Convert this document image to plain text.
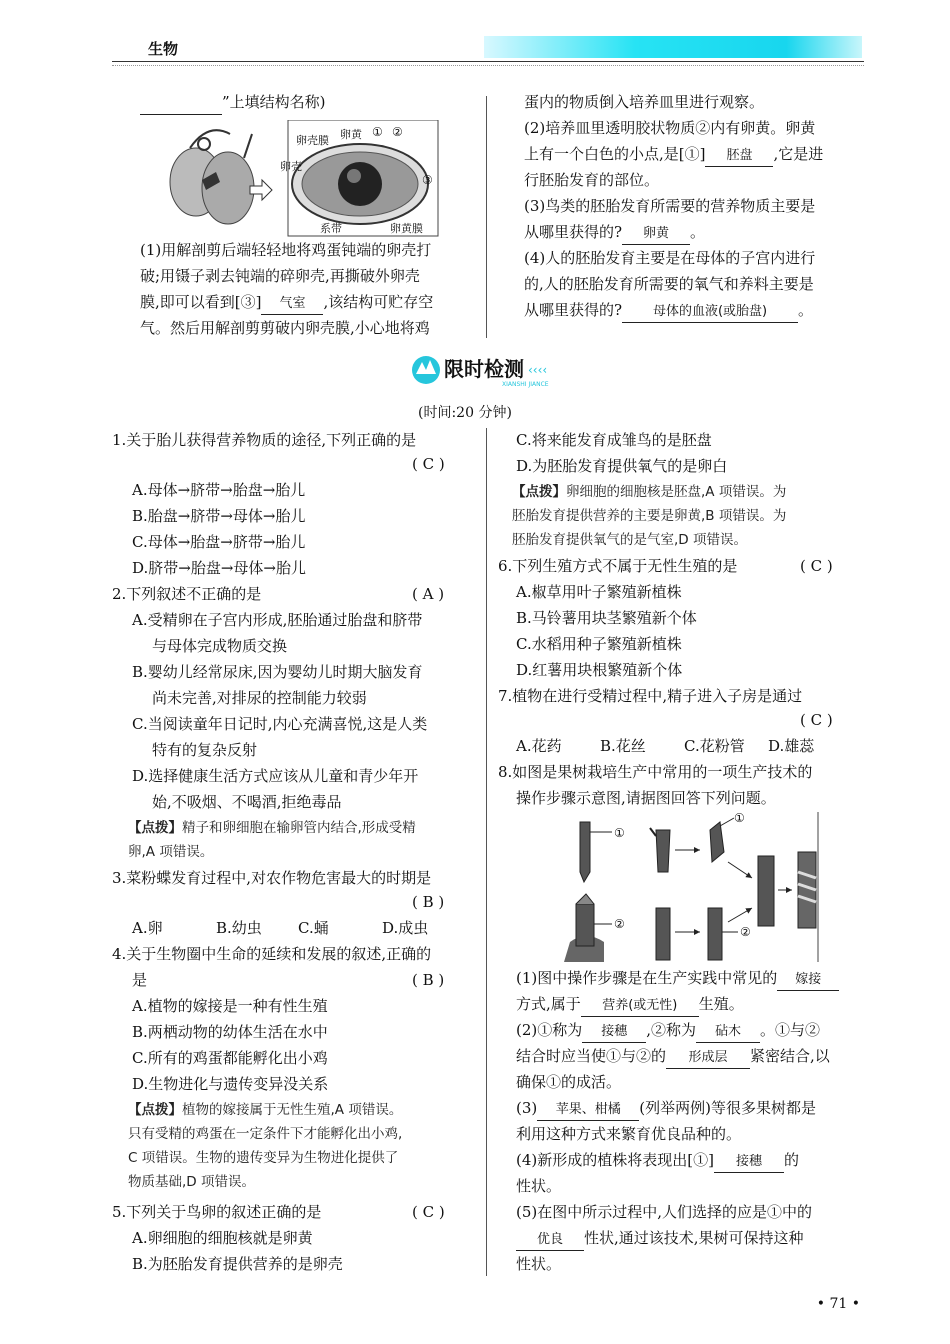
生物
”上填结构名称)
卵壳膜 卵黄 ① ②
卵壳
③
系带	卵黄膜
(1)用解剖剪后端轻轻地将鸡蛋钝端的卵壳打
破;用镊子剥去钝端的碎卵壳,再撕破外卵壳
膜,即可以看到[③] 气室 ,该结构可贮存空
气。然后用解剖剪剪破内卵壳膜,小心地将鸡
蛋内的物质倒入培养皿里进行观察。
(2)培养皿里透明胶状物质②内有卵黄。卵黄
上有一个白色的小点,是[①] 胚盘 ,它是进
行胚胎发育的部位。
(3)鸟类的胚胎发育所需要的营养物质主要是
从哪里获得的? 卵黄 。
(4)人的胚胎发育主要是在母体的子宫内进行
的,人的胚胎发育所需要的氧气和养料主要是
从哪里获得的? 母体的血液(或胎盘) 。
限时检测 ‹‹‹‹
XIANSHI JIANCE
(时间:20 分钟)
1.关于胎儿获得营养物质的途径,下列正确的是
( C )
A.母体→脐带→胎盘→胎儿
B.胎盘→脐带→母体→胎儿
C.母体→胎盘→脐带→胎儿
D.脐带→胎盘→母体→胎儿
2.下列叙述不正确的是	( A )
A.受精卵在子宫内形成,胚胎通过胎盘和脐带
与母体完成物质交换
B.婴幼儿经常尿床,因为婴幼儿时期大脑发育
尚未完善,对排尿的控制能力较弱
C.当阅读童年日记时,内心充满喜悦,这是人类
特有的复杂反射
D.选择健康生活方式应该从儿童和青少年开
始,不吸烟、不喝酒,拒绝毒品
【点拨】精子和卵细胞在输卵管内结合,形成受精
卵,A 项错误。
3.菜粉蝶发育过程中,对农作物危害最大的时期是
( B )
A.卵	B.幼虫 C.蛹	D.成虫
4.关于生物圈中生命的延续和发展的叙述,正确的
是	( B )
A.植物的嫁接是一种有性生殖
B.两栖动物的幼体生活在水中
C.所有的鸡蛋都能孵化出小鸡
D.生物进化与遗传变异没关系
【点拨】植物的嫁接属于无性生殖,A 项错误。
只有受精的鸡蛋在一定条件下才能孵化出小鸡,
C 项错误。生物的遗传变异为生物进化提供了
物质基础,D 项错误。
5.下列关于鸟卵的叙述正确的是	( C )
A.卵细胞的细胞核就是卵黄
B.为胚胎发育提供营养的是卵壳
C.将来能发育成雏鸟的是胚盘
D.为胚胎发育提供氧气的是卵白
【点拨】卵细胞的细胞核是胚盘,A 项错误。为
胚胎发育提供营养的主要是卵黄,B 项错误。为
胚胎发育提供氧气的是气室,D 项错误。
6.下列生殖方式不属于无性生殖的是	( C )
A.椒草用叶子繁殖新植株
B.马铃薯用块茎繁殖新个体
C.水稻用种子繁殖新植株
D.红薯用块根繁殖新个体
7.植物在进行受精过程中,精子进入子房是通过
( C )
A.花药	B.花丝	C.花粉管 D.雄蕊
8.如图是果树栽培生产中常用的一项生产技术的
操作步骤示意图,请据图回答下列问题。
①
②
①
②
(1)图中操作步骤是在生产实践中常见的 嫁接
方式,属于 营养(或无性) 生殖。
(2)①称为 接穗 ,②称为 砧木 。①与②
结合时应当使①与②的 形成层 紧密结合,以
确保①的成活。
(3) 苹果、柑橘 (列举两例)等很多果树都是
利用这种方式来繁育优良品种的。
(4)新形成的植株将表现出[①] 接穗 的
性状。
(5)在图中所示过程中,人们选择的应是①中的
优良 性状,通过该技术,果树可保持这种
性状。
• 71 •
